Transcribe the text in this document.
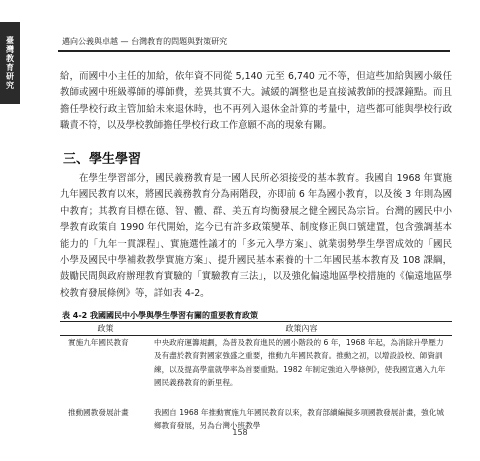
臺灣教育研究	邁向公義與卓越 — 台灣教育的問題與對策研究

給，而國中小主任的加給，依年資不同從 5,140 元至 6,740 元不等，但這些加給與國小級任教師或國中班級導師的導師費，差異其實不大。減緩的調整也是直接減教師的授課鐘點。而且擔任學校行政主管加給未來退休時，也不再列入退休金計算的考量中，這些都可能與學校行政職責不符，以及學校教師擔任學校行政工作意願不高的現象有關。

三、學生學習

在學生學習部分，國民義務教育是一國人民所必須接受的基本教育。我國自 1968 年實施九年國民教育以來，將國民義務教育分為兩階段，亦即前 6 年為國小教育，以及後 3 年則為國中教育；其教育目標在德、智、體、群、美五育均衡發展之健全國民為宗旨。台灣的國民中小學教育政策自 1990 年代開始，迄今已有許多政策變革、制度修正與口號建置，包含強調基本能力的「九年一貫課程」、實施選性議才的「多元入學方案」、就業弱勢學生學習成效的「國民小學及國民中學補救教學實施方案」、提升國民基本素養的十二年國民基本教育及 108 課綱，鼓勵民間與政府辦理教育實驗的「實驗教育三法」，以及強化偏遠地區學校措施的《偏遠地區學校教育發展條例》等，詳如表 4-2。

表 4-2 我國國民中小學與學生學習有關的重要教育政策
政策	政策內容
實施九年國民教育	中央政府運籌規劃，為普及教育進民的國小階段的 6 年，1968 年起，為消除升學壓力及有盡於教育對國家強盛之重要，推動九年國民教育。推動之初，以增設設校、師資訓練，以及提高學童就學率為首要重點。1982 年制定強迫入學條例》，使我國宣邁入九年國民義務教育的新里程。
推動國教發展計畫	我國自 1968 年推動實施九年國民教育以來，教育部續編擬多項國教發展計畫，強化城鄉教育發展，另為台灣小班教學
158
